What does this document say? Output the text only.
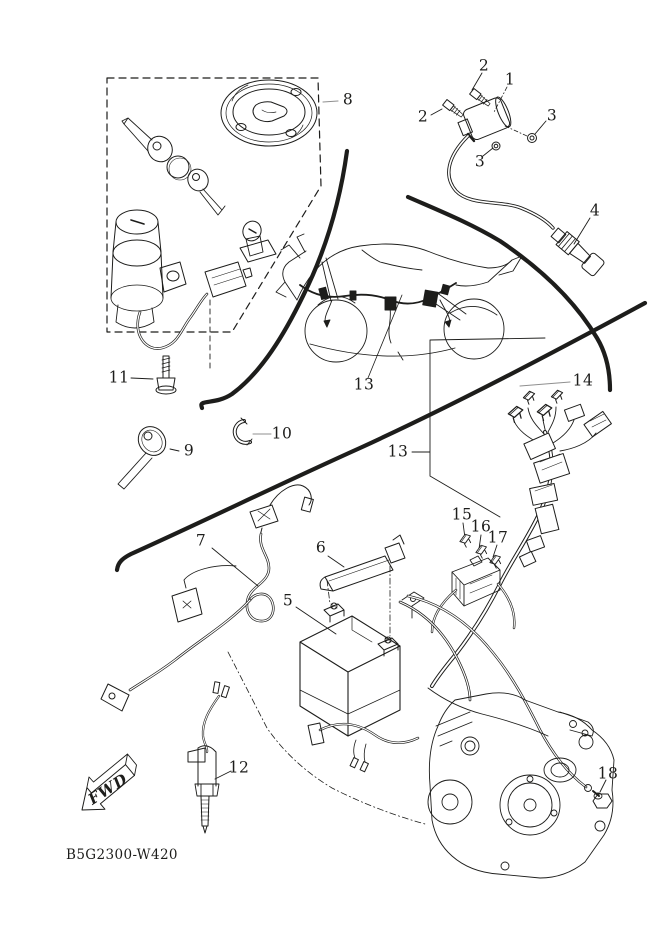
1
2
2	3
3
4
5
6
7
8
9
10
11
12
13
13
14
15
16
17
18
FWD
B5G2300-W420
